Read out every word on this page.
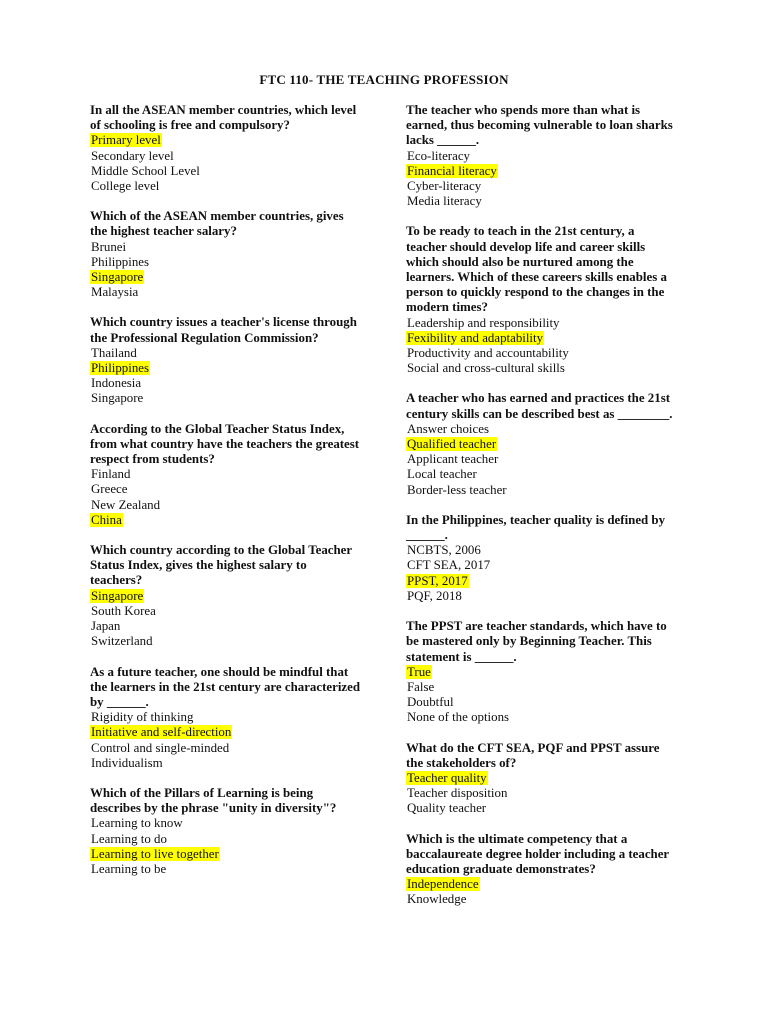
FTC 110- THE TEACHING PROFESSION

In all the ASEAN member countries, which level of schooling is free and compulsory?

Primary level
Secondary level
Middle School Level
College level

Which of the ASEAN member countries, gives the highest teacher salary?

Brunei
Philippines
Singapore
Malaysia

Which country issues a teacher's license through the Professional Regulation Commission?

Thailand
Philippines
Indonesia
Singapore

According to the Global Teacher Status Index, from what country have the teachers the greatest respect from students?

Finland
Greece
New Zealand
China

Which country according to the Global Teacher Status Index, gives the highest salary to teachers?

Singapore
South Korea
Japan
Switzerland

As a future teacher, one should be mindful that the learners in the 21st century are characterized by ______.

Rigidity of thinking
Initiative and self-direction
Control and single-minded
Individualism

Which of the Pillars of Learning is being describes by the phrase "unity in diversity"?

Learning to know
Learning to do
Learning to live together
Learning to be

The teacher who spends more than what is earned, thus becoming vulnerable to loan sharks lacks ______.

Eco-literacy
Financial literacy
Cyber-literacy
Media literacy

To be ready to teach in the 21st century, a teacher should develop life and career skills which should also be nurtured among the learners. Which of these careers skills enables a person to quickly respond to the changes in the modern times?

Leadership and responsibility
Fexibility and adaptability
Productivity and accountability
Social and cross-cultural skills

A teacher who has earned and practices the 21st century skills can be described best as ________.

Answer choices
Qualified teacher
Applicant teacher
Local teacher
Border-less teacher

In the Philippines, teacher quality is defined by ______.

NCBTS, 2006
CFT SEA, 2017
PPST, 2017
PQF, 2018

The PPST are teacher standards, which have to be mastered only by Beginning Teacher. This statement is ______.

True
False
Doubtful
None of the options

What do the CFT SEA, PQF and PPST assure the stakeholders of?

Teacher quality
Teacher disposition
Quality teacher

Which is the ultimate competency that a baccalaureate degree holder including a teacher education graduate demonstrates?

Independence
Knowledge
